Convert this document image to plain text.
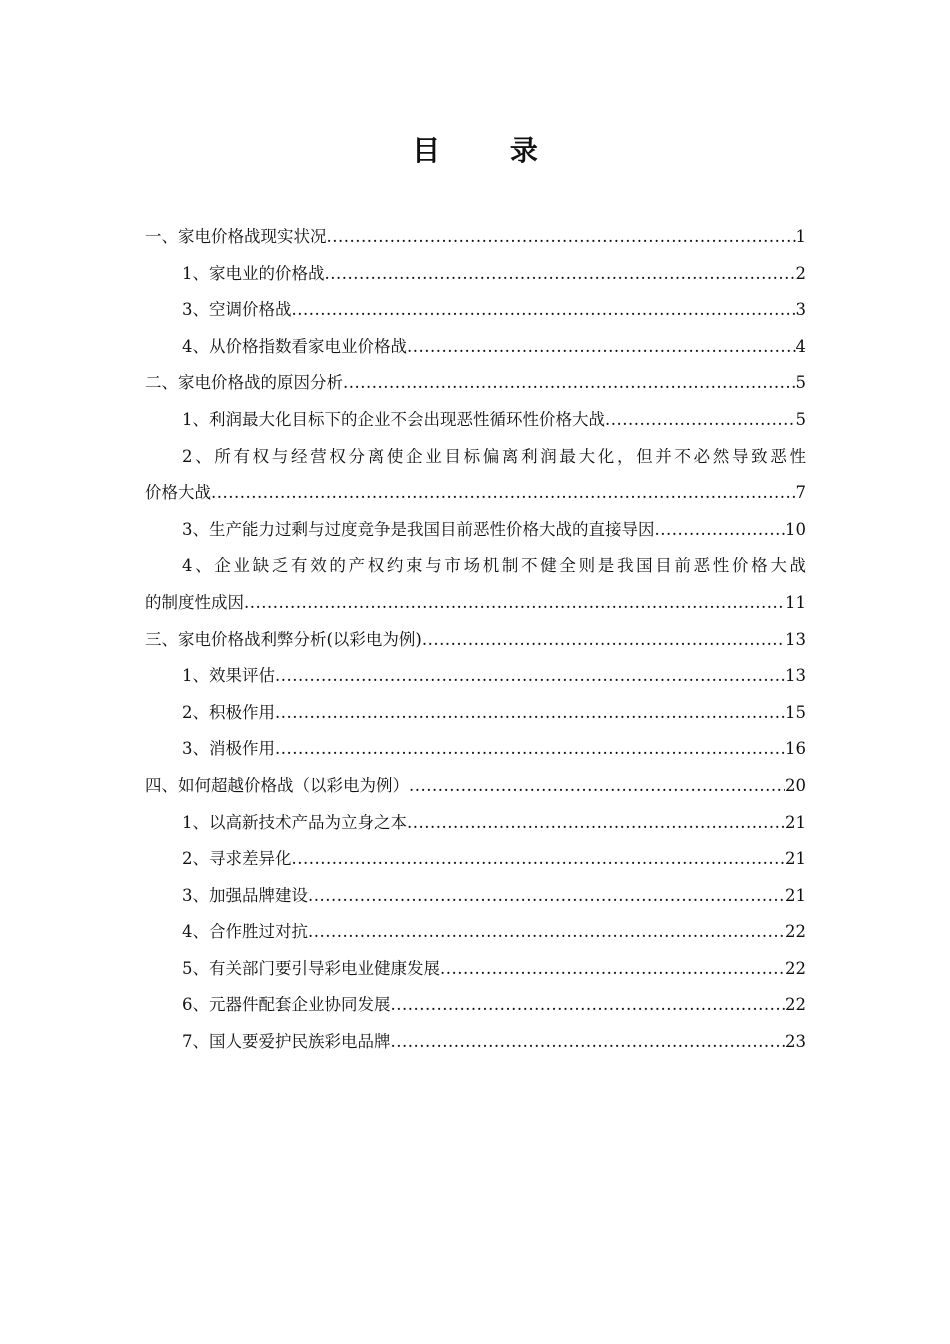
目 录
一、家电价格战现实状况 .....	1
1、家电业的价格战 .....	2
3、空调价格战 .....	3
4、从价格指数看家电业价格战 .....	4
二、家电价格战的原因分析 .....	5
1、利润最大化目标下的企业不会出现恶性循环性价格大战 .....	5
2、所有权与经营权分离使企业目标偏离利润最大化，但并不必然导致恶性
价格大战 .....	7
3、生产能力过剩与过度竞争是我国目前恶性价格大战的直接导因 .....	10
4、企业缺乏有效的产权约束与市场机制不健全则是我国目前恶性价格大战
的制度性成因 .....	11
三、家电价格战利弊分析(以彩电为例) .....	13
1、效果评估 .....	13
2、积极作用 .....	15
3、消极作用 .....	16
四、如何超越价格战（以彩电为例） .....	20
1、以高新技术产品为立身之本 .....	21
2、寻求差异化 .....	21
3、加强品牌建设 .....	21
4、合作胜过对抗 .....	22
5、有关部门要引导彩电业健康发展 .....	22
6、元器件配套企业协同发展 .....	22
7、国人要爱护民族彩电品牌 .....	23
